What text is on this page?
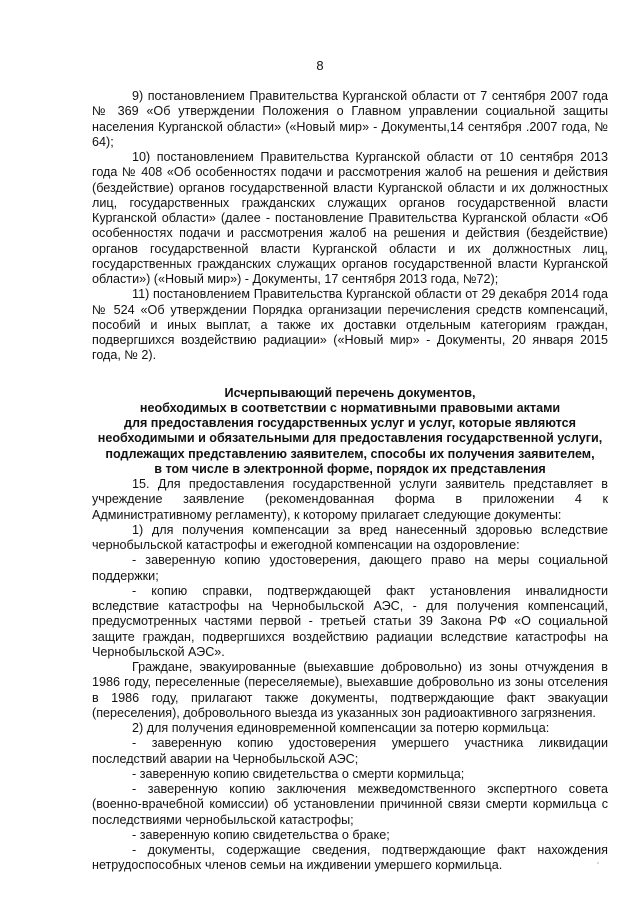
8

9) постановлением Правительства Курганской области от 7 сентября 2007 года № 369 «Об утверждении Положения о Главном управлении социальной защиты населения Курганской области» («Новый мир» - Документы,14 сентября .2007 года, № 64);

10) постановлением Правительства Курганской области от 10 сентября 2013 года № 408 «Об особенностях подачи и рассмотрения жалоб на решения и действия (бездействие) органов государственной власти Курганской области и их должностных лиц, государственных гражданских служащих органов государственной власти Курганской области» (далее - постановление Правительства Курганской области «Об особенностях подачи и рассмотрения жалоб на решения и действия (бездействие) органов государственной власти Курганской области и их должностных лиц, государственных гражданских служащих органов государственной власти Курганской области») («Новый мир») - Документы, 17 сентября 2013 года, №72);

11) постановлением Правительства Курганской области от 29 декабря 2014 года № 524 «Об утверждении Порядка организации перечисления средств компенсаций, пособий и иных выплат, а также их доставки отдельным категориям граждан, подвергшихся воздействию радиации» («Новый мир» - Документы, 20 января 2015 года, № 2).

Исчерпывающий перечень документов,

необходимых в соответствии с нормативными правовыми актами

для предоставления государственных услуг и услуг, которые являются

необходимыми и обязательными для предоставления государственной услуги,

подлежащих представлению заявителем, способы их получения заявителем,

в том числе в электронной форме, порядок их представления

15. Для предоставления государственной услуги заявитель представляет в учреждение заявление (рекомендованная форма в приложении 4 к Административному регламенту), к которому прилагает следующие документы:

1) для получения компенсации за вред нанесенный здоровью вследствие чернобыльской катастрофы и ежегодной компенсации на оздоровление:

- заверенную копию удостоверения, дающего право на меры социальной поддержки;

- копию справки, подтверждающей факт установления инвалидности вследствие катастрофы на Чернобыльской АЭС, - для получения компенсаций, предусмотренных частями первой - третьей статьи 39 Закона РФ «О социальной защите граждан, подвергшихся воздействию радиации вследствие катастрофы на Чернобыльской АЭС».

Граждане, эвакуированные (выехавшие добровольно) из зоны отчуждения в 1986 году, переселенные (переселяемые), выехавшие добровольно из зоны отселения в 1986 году, прилагают также документы, подтверждающие факт эвакуации (переселения), добровольного выезда из указанных зон радиоактивного загрязнения.

2) для получения единовременной компенсации за потерю кормильца:

- заверенную копию удостоверения умершего участника ликвидации последствий аварии на Чернобыльской АЭС;

- заверенную копию свидетельства о смерти кормильца;

- заверенную копию заключения межведомственного экспертного совета (военно-врачебной комиссии) об установлении причинной связи смерти кормильца с последствиями чернобыльской катастрофы;

- заверенную копию свидетельства о браке;

- документы, содержащие сведения, подтверждающие факт нахождения нетрудоспособных членов семьи на иждивении умершего кормильца.
